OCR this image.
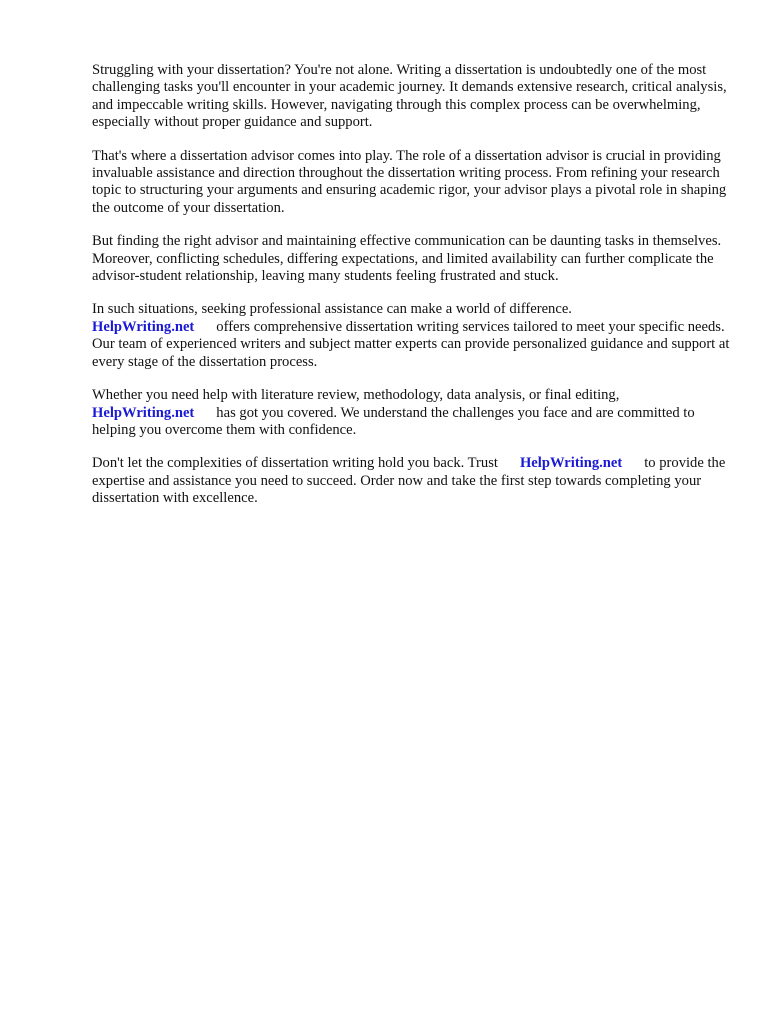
Struggling with your dissertation? You're not alone. Writing a dissertation is undoubtedly one of the most challenging tasks you'll encounter in your academic journey. It demands extensive research, critical analysis, and impeccable writing skills. However, navigating through this complex process can be overwhelming, especially without proper guidance and support.

That's where a dissertation advisor comes into play. The role of a dissertation advisor is crucial in providing invaluable assistance and direction throughout the dissertation writing process. From refining your research topic to structuring your arguments and ensuring academic rigor, your advisor plays a pivotal role in shaping the outcome of your dissertation.

But finding the right advisor and maintaining effective communication can be daunting tasks in themselves. Moreover, conflicting schedules, differing expectations, and limited availability can further complicate the advisor-student relationship, leaving many students feeling frustrated and stuck.

In such situations, seeking professional assistance can make a world of difference.
HelpWriting.net offers comprehensive dissertation writing services tailored to meet your specific needs. Our team of experienced writers and subject matter experts can provide personalized guidance and support at every stage of the dissertation process.

Whether you need help with literature review, methodology, data analysis, or final editing,
HelpWriting.net has got you covered. We understand the challenges you face and are committed to helping you overcome them with confidence.

Don't let the complexities of dissertation writing hold you back. Trust HelpWriting.net to provide the expertise and assistance you need to succeed. Order now and take the first step towards completing your dissertation with excellence.
